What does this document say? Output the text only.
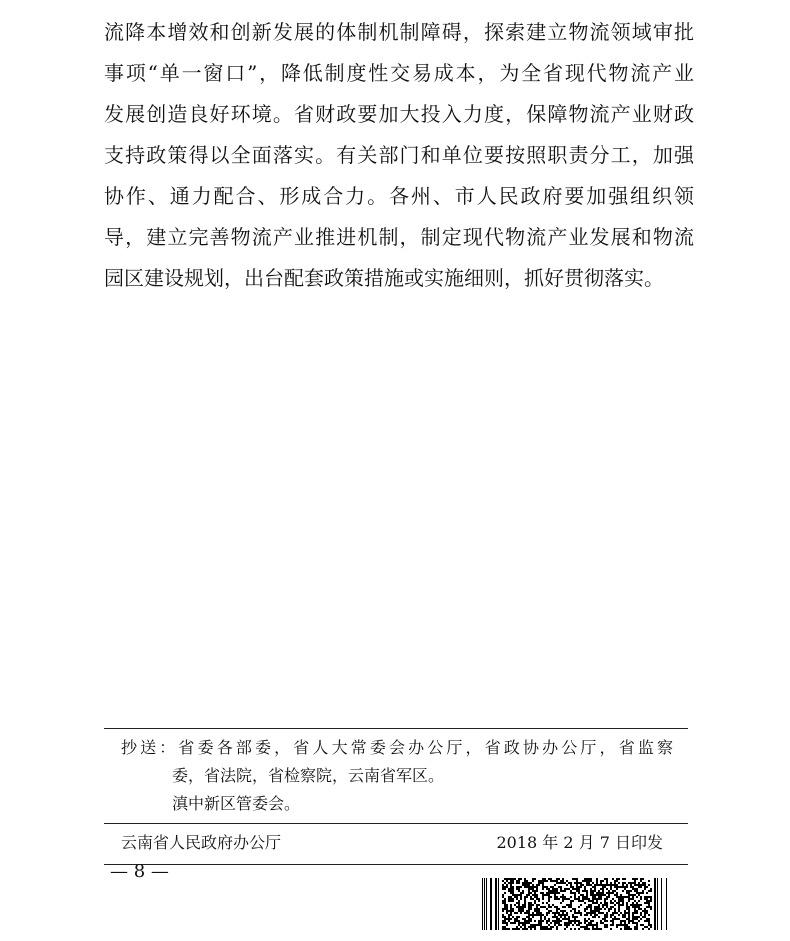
流降本增效和创新发展的体制机制障碍，探索建立物流领域审批
事项“单一窗口”，降低制度性交易成本，为全省现代物流产业
发展创造良好环境。省财政要加大投入力度，保障物流产业财政
支持政策得以全面落实。有关部门和单位要按照职责分工，加强
协作、通力配合、形成合力。各州、市人民政府要加强组织领
导，建立完善物流产业推进机制，制定现代物流产业发展和物流
园区建设规划，出台配套政策措施或实施细则，抓好贯彻落实。
抄送：省委各部委，省人大常委会办公厅，省政协办公厅，省监察
委，省法院，省检察院，云南省军区。
滇中新区管委会。
云南省人民政府办公厅	2018 年 2 月 7 日印发
— 8 —
